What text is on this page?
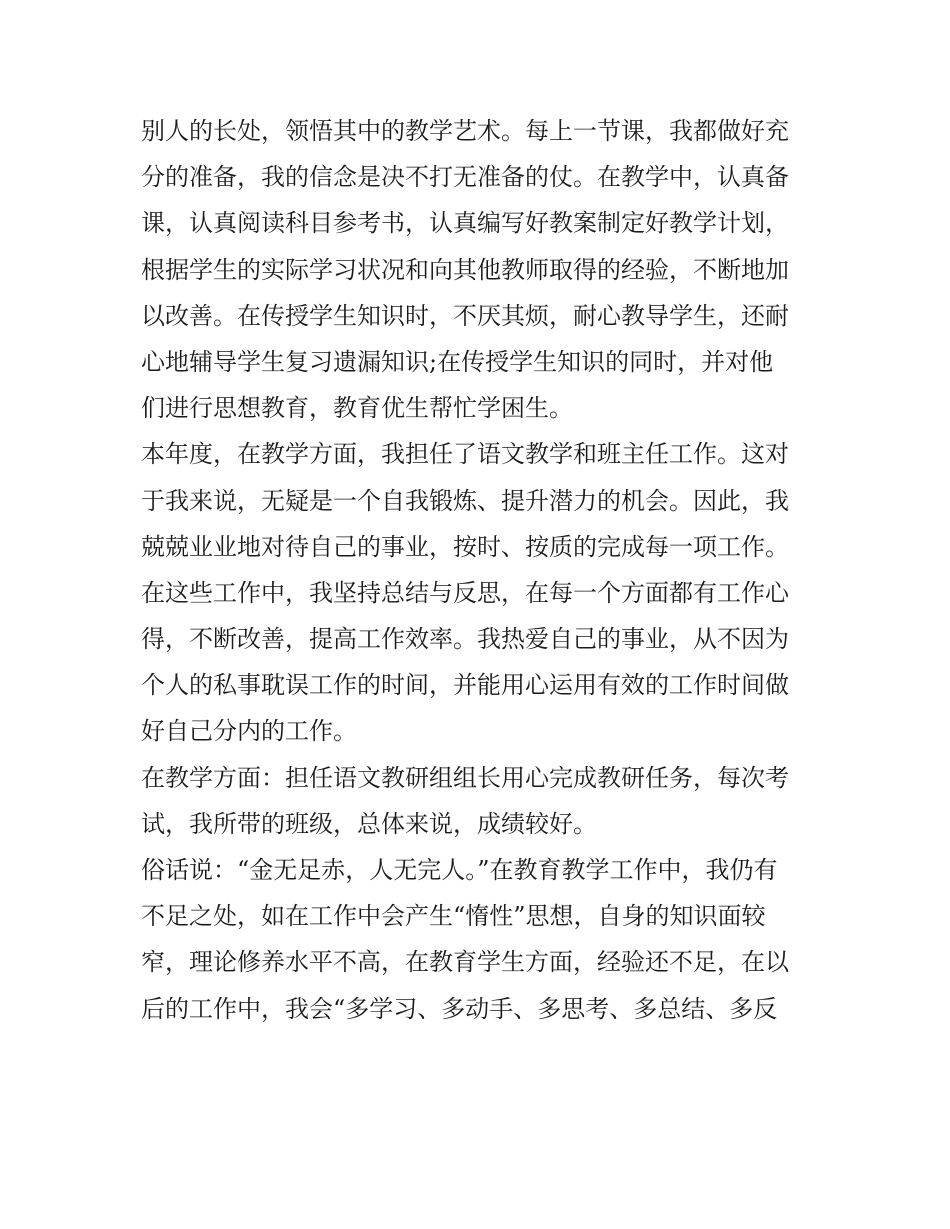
别人的长处，领悟其中的教学艺术。每上一节课，我都做好充

分的准备，我的信念是决不打无准备的仗。在教学中，认真备

课，认真阅读科目参考书，认真编写好教案制定好教学计划，

根据学生的实际学习状况和向其他教师取得的经验，不断地加

以改善。在传授学生知识时，不厌其烦，耐心教导学生，还耐

心地辅导学生复习遗漏知识;在传授学生知识的同时，并对他

们进行思想教育，教育优生帮忙学困生。

本年度，在教学方面，我担任了语文教学和班主任工作。这对

于我来说，无疑是一个自我锻炼、提升潜力的机会。因此，我

兢兢业业地对待自己的事业，按时、按质的完成每一项工作。

在这些工作中，我坚持总结与反思，在每一个方面都有工作心

得，不断改善，提高工作效率。我热爱自己的事业，从不因为

个人的私事耽误工作的时间，并能用心运用有效的工作时间做

好自己分内的工作。

在教学方面：担任语文教研组组长用心完成教研任务，每次考

试，我所带的班级，总体来说，成绩较好。

俗话说：“金无足赤，人无完人。”在教育教学工作中，我仍有

不足之处，如在工作中会产生“惰性”思想，自身的知识面较

窄，理论修养水平不高，在教育学生方面，经验还不足，在以

后的工作中，我会“多学习、多动手、多思考、多总结、多反
